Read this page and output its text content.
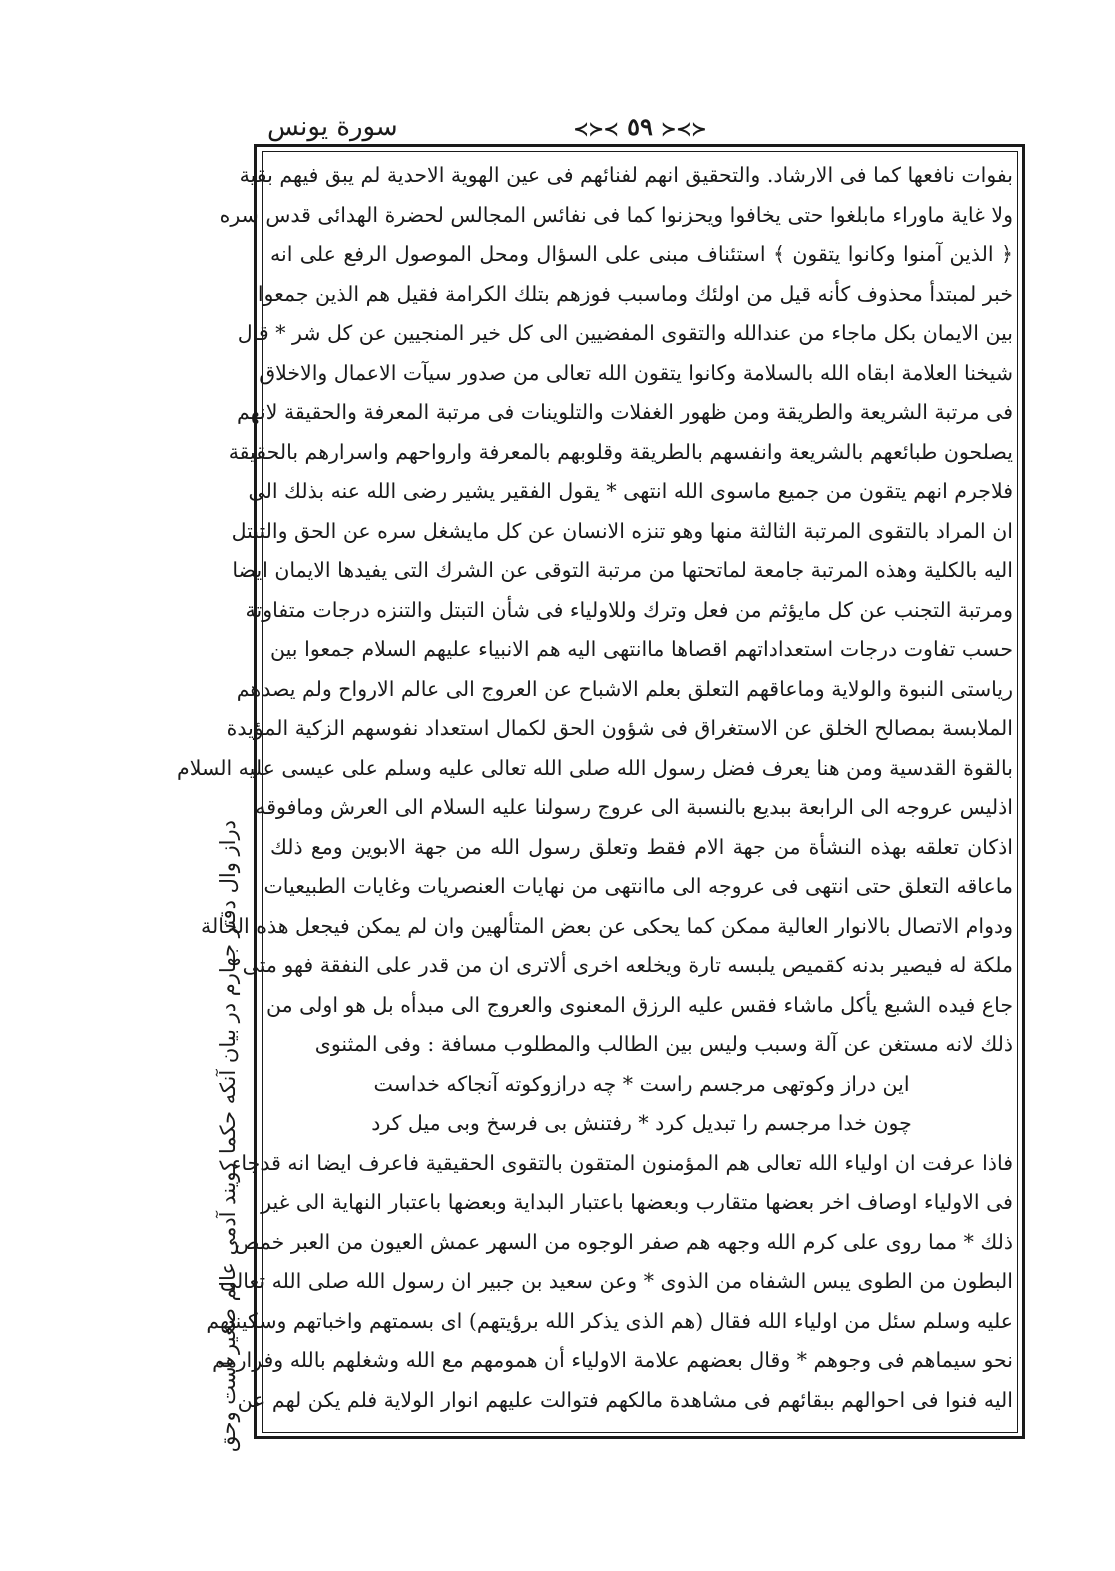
≺≻≺ ٥٩ ≻≺≻
سورة يونس
بفوات نافعها كما فى الارشاد. والتحقيق انهم لفنائهم فى عين الهوية الاحدية لم يبق فيهم بقية
ولا غاية ماوراء مابلغوا حتى يخافوا ويحزنوا كما فى نفائس المجالس لحضرة الهدائى قدس سره
﴿ الذين آمنوا وكانوا يتقون ﴾ استئناف مبنى على السؤال ومحل الموصول الرفع على انه
خبر لمبتدأ محذوف كأنه قيل من اولئك وماسبب فوزهم بتلك الكرامة فقيل هم الذين جمعوا
بين الايمان بكل ماجاء من عندالله والتقوى المفضيين الى كل خير المنجيين عن كل شر * قال
شيخنا العلامة ابقاه الله بالسلامة وكانوا يتقون الله تعالى من صدور سيآت الاعمال والاخلاق
فى مرتبة الشريعة والطريقة ومن ظهور الغفلات والتلوينات فى مرتبة المعرفة والحقيقة لانهم
يصلحون طبائعهم بالشريعة وانفسهم بالطريقة وقلوبهم بالمعرفة وارواحهم واسرارهم بالحقيقة
فلاجرم انهم يتقون من جميع ماسوى الله انتهى * يقول الفقير يشير رضى الله عنه بذلك الى
ان المراد بالتقوى المرتبة الثالثة منها وهو تنزه الانسان عن كل مايشغل سره عن الحق والتبتل
اليه بالكلية وهذه المرتبة جامعة لماتحتها من مرتبة التوقى عن الشرك التى يفيدها الايمان ايضا
ومرتبة التجنب عن كل مايؤثم من فعل وترك وللاولياء فى شأن التبتل والتنزه درجات متفاوتة
حسب تفاوت درجات استعداداتهم اقصاها ماانتهى اليه هم الانبياء عليهم السلام جمعوا بين
رياستى النبوة والولاية وماعاقهم التعلق بعلم الاشباح عن العروج الى عالم الارواح ولم يصدهم
الملابسة بمصالح الخلق عن الاستغراق فى شؤون الحق لكمال استعداد نفوسهم الزكية المؤيدة
بالقوة القدسية ومن هنا يعرف فضل رسول الله صلى الله تعالى عليه وسلم على عيسى عليه السلام
اذليس عروجه الى الرابعة ببديع بالنسبة الى عروج رسولنا عليه السلام الى العرش ومافوقه
اذكان تعلقه بهذه النشأة من جهة الام فقط وتعلق رسول الله من جهة الابوين ومع ذلك
ماعاقه التعلق حتى انتهى فى عروجه الى ماانتهى من نهايات العنصريات وغايات الطبيعيات
ودوام الاتصال بالانوار العالية ممكن كما يحكى عن بعض المتألهين وان لم يمكن فيجعل هذه الحالة
ملكة له فيصير بدنه كقميص يلبسه تارة ويخلعه اخرى ألاترى ان من قدر على النفقة فهو متى
جاع فيده الشبع يأكل ماشاء فقس عليه الرزق المعنوى والعروج الى مبدأه بل هو اولى من
ذلك لانه مستغن عن آلة وسبب وليس بين الطالب والمطلوب مسافة : وفى المثنوى
اين دراز وكوتهى مرجسم راست * چه درازوكوته آنجاكه خداست
چون خدا مرجسم را تبديل كرد * رفتنش بى فرسخ وبى ميل كرد
فاذا عرفت ان اولياء الله تعالى هم المؤمنون المتقون بالتقوى الحقيقية فاعرف ايضا انه قدجاء
فى الاولياء اوصاف اخر بعضها متقارب وبعضها باعتبار البداية وبعضها باعتبار النهاية الى غير
ذلك * مما روى على كرم الله وجهه هم صفر الوجوه من السهر عمش العيون من العبر خمص
البطون من الطوى يبس الشفاه من الذوى * وعن سعيد بن جبير ان رسول الله صلى الله تعالى
عليه وسلم سئل من اولياء الله فقال (هم الذى يذكر الله برؤيتهم) اى بسمتهم واخباتهم وسكينتهم
نحو سيماهم فى وجوهم * وقال بعضهم علامة الاولياء أن همومهم مع الله وشغلهم بالله وفرارهم
اليه فنوا فى احوالهم ببقائهم فى مشاهدة مالكهم فتوالت عليهم انوار الولاية فلم يكن لهم عن
دراز وال دقتر جهارم در بيان آنكه حكما كويند آدمى عالم صغير است وحق
